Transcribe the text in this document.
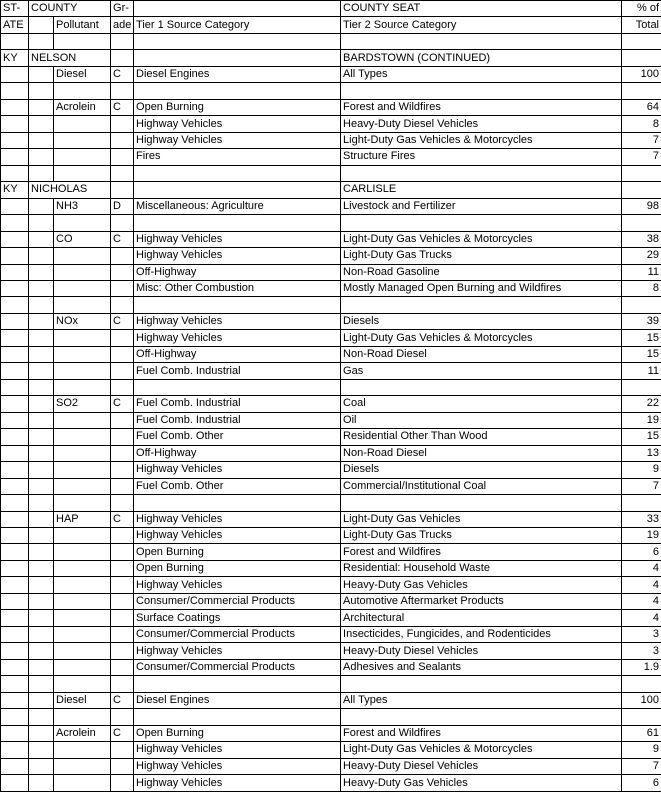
ST-	COUNTY		Gr-		COUNTY SEAT	% of
ATE		Pollutant	ade	Tier 1 Source Category	Tier 2 Source Category	Total

KY	NELSON				BARDSTOWN (CONTINUED)	
		Diesel	C	Diesel Engines	All Types	100

		Acrolein	C	Open Burning	Forest and Wildfires	64
				Highway Vehicles	Heavy-Duty Diesel Vehicles	8
				Highway Vehicles	Light-Duty Gas Vehicles & Motorcycles	7
				Fires	Structure Fires	7

KY	NICHOLAS				CARLISLE	
		NH3	D	Miscellaneous: Agriculture	Livestock and Fertilizer	98

		CO	C	Highway Vehicles	Light-Duty Gas Vehicles & Motorcycles	38
				Highway Vehicles	Light-Duty Gas Trucks	29
				Off-Highway	Non-Road Gasoline	11
				Misc: Other Combustion	Mostly Managed Open Burning and Wildfires	8

		NOx	C	Highway Vehicles	Diesels	39
				Highway Vehicles	Light-Duty Gas Vehicles & Motorcycles	15
				Off-Highway	Non-Road Diesel	15
				Fuel Comb. Industrial	Gas	11

		SO2	C	Fuel Comb. Industrial	Coal	22
				Fuel Comb. Industrial	Oil	19
				Fuel Comb. Other	Residential Other Than Wood	15
				Off-Highway	Non-Road Diesel	13
				Highway Vehicles	Diesels	9
				Fuel Comb. Other	Commercial/Institutional Coal	7

		HAP	C	Highway Vehicles	Light-Duty Gas Vehicles	33
				Highway Vehicles	Light-Duty Gas Trucks	19
				Open Burning	Forest and Wildfires	6
				Open Burning	Residential: Household Waste	4
				Highway Vehicles	Heavy-Duty Gas Vehicles	4
				Consumer/Commercial Products	Automotive Aftermarket Products	4
				Surface Coatings	Architectural	4
				Consumer/Commercial Products	Insecticides, Fungicides, and Rodenticides	3
				Highway Vehicles	Heavy-Duty Diesel Vehicles	3
				Consumer/Commercial Products	Adhesives and Sealants	1.9

		Diesel	C	Diesel Engines	All Types	100

		Acrolein	C	Open Burning	Forest and Wildfires	61
				Highway Vehicles	Light-Duty Gas Vehicles & Motorcycles	9
				Highway Vehicles	Heavy-Duty Diesel Vehicles	7
				Highway Vehicles	Heavy-Duty Gas Vehicles	6
